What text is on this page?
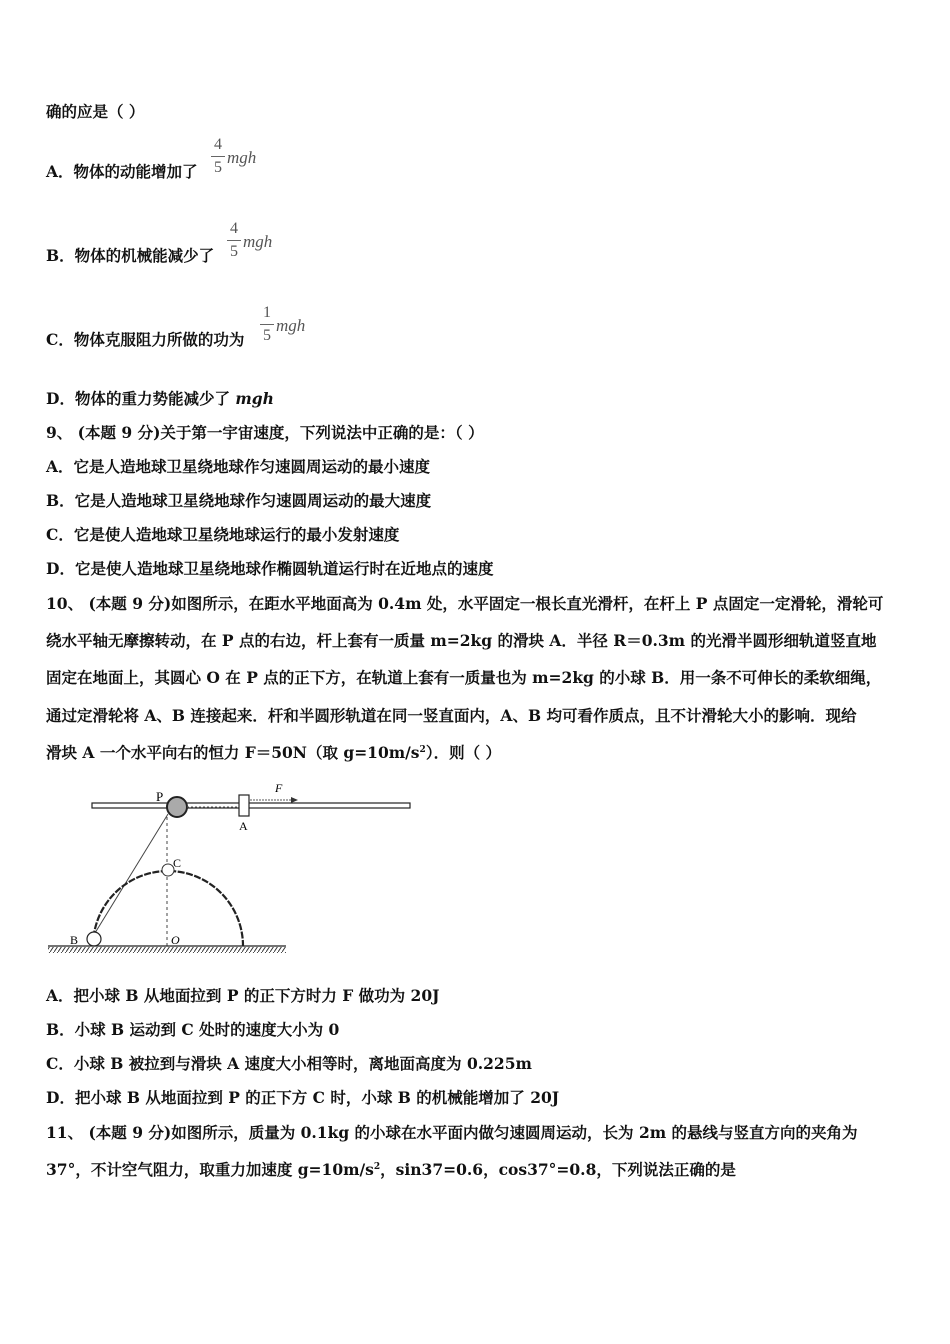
确的应是（ ）
A．物体的动能增加了
4
5
mgh
B．物体的机械能减少了
4
5
mgh
C．物体克服阻力所做的功为
1
5
mgh
D．物体的重力势能减少了 mgh
9、 (本题 9 分)关于第一宇宙速度，下列说法中正确的是：（ ）
A．它是人造地球卫星绕地球作匀速圆周运动的最小速度
B．它是人造地球卫星绕地球作匀速圆周运动的最大速度
C．它是使人造地球卫星绕地球运行的最小发射速度
D．它是使人造地球卫星绕地球作椭圆轨道运行时在近地点的速度
10、 (本题 9 分)如图所示，在距水平地面高为 0.4m 处，水平固定一根长直光滑杆，在杆上 P 点固定一定滑轮，滑轮可
绕水平轴无摩擦转动，在 P 点的右边，杆上套有一质量 m=2kg 的滑块 A．半径 R＝0.3m 的光滑半圆形细轨道竖直地
固定在地面上，其圆心 O 在 P 点的正下方，在轨道上套有一质量也为 m=2kg 的小球 B．用一条不可伸长的柔软细绳，
通过定滑轮将 A、B 连接起来．杆和半圆形轨道在同一竖直面内，A、B 均可看作质点，且不计滑轮大小的影响．现给
滑块 A 一个水平向右的恒力 F＝50N（取 $g=10m/s^2$）．则（ ）
P
A
F
C
B	O
A．把小球 B 从地面拉到 P 的正下方时力 F 做功为 20J
B．小球 B 运动到 C 处时的速度大小为 0
C．小球 B 被拉到与滑块 A 速度大小相等时，离地面高度为 0.225m
D．把小球 B 从地面拉到 P 的正下方 C 时，小球 B 的机械能增加了 20J
11、 (本题 9 分)如图所示，质量为 0.1kg 的小球在水平面内做匀速圆周运动，长为 2m 的悬线与竖直方向的夹角为
37°，不计空气阻力，取重力加速度 $g=10m/s^2$，sin37=0.6，cos37°=0.8，下列说法正确的是
